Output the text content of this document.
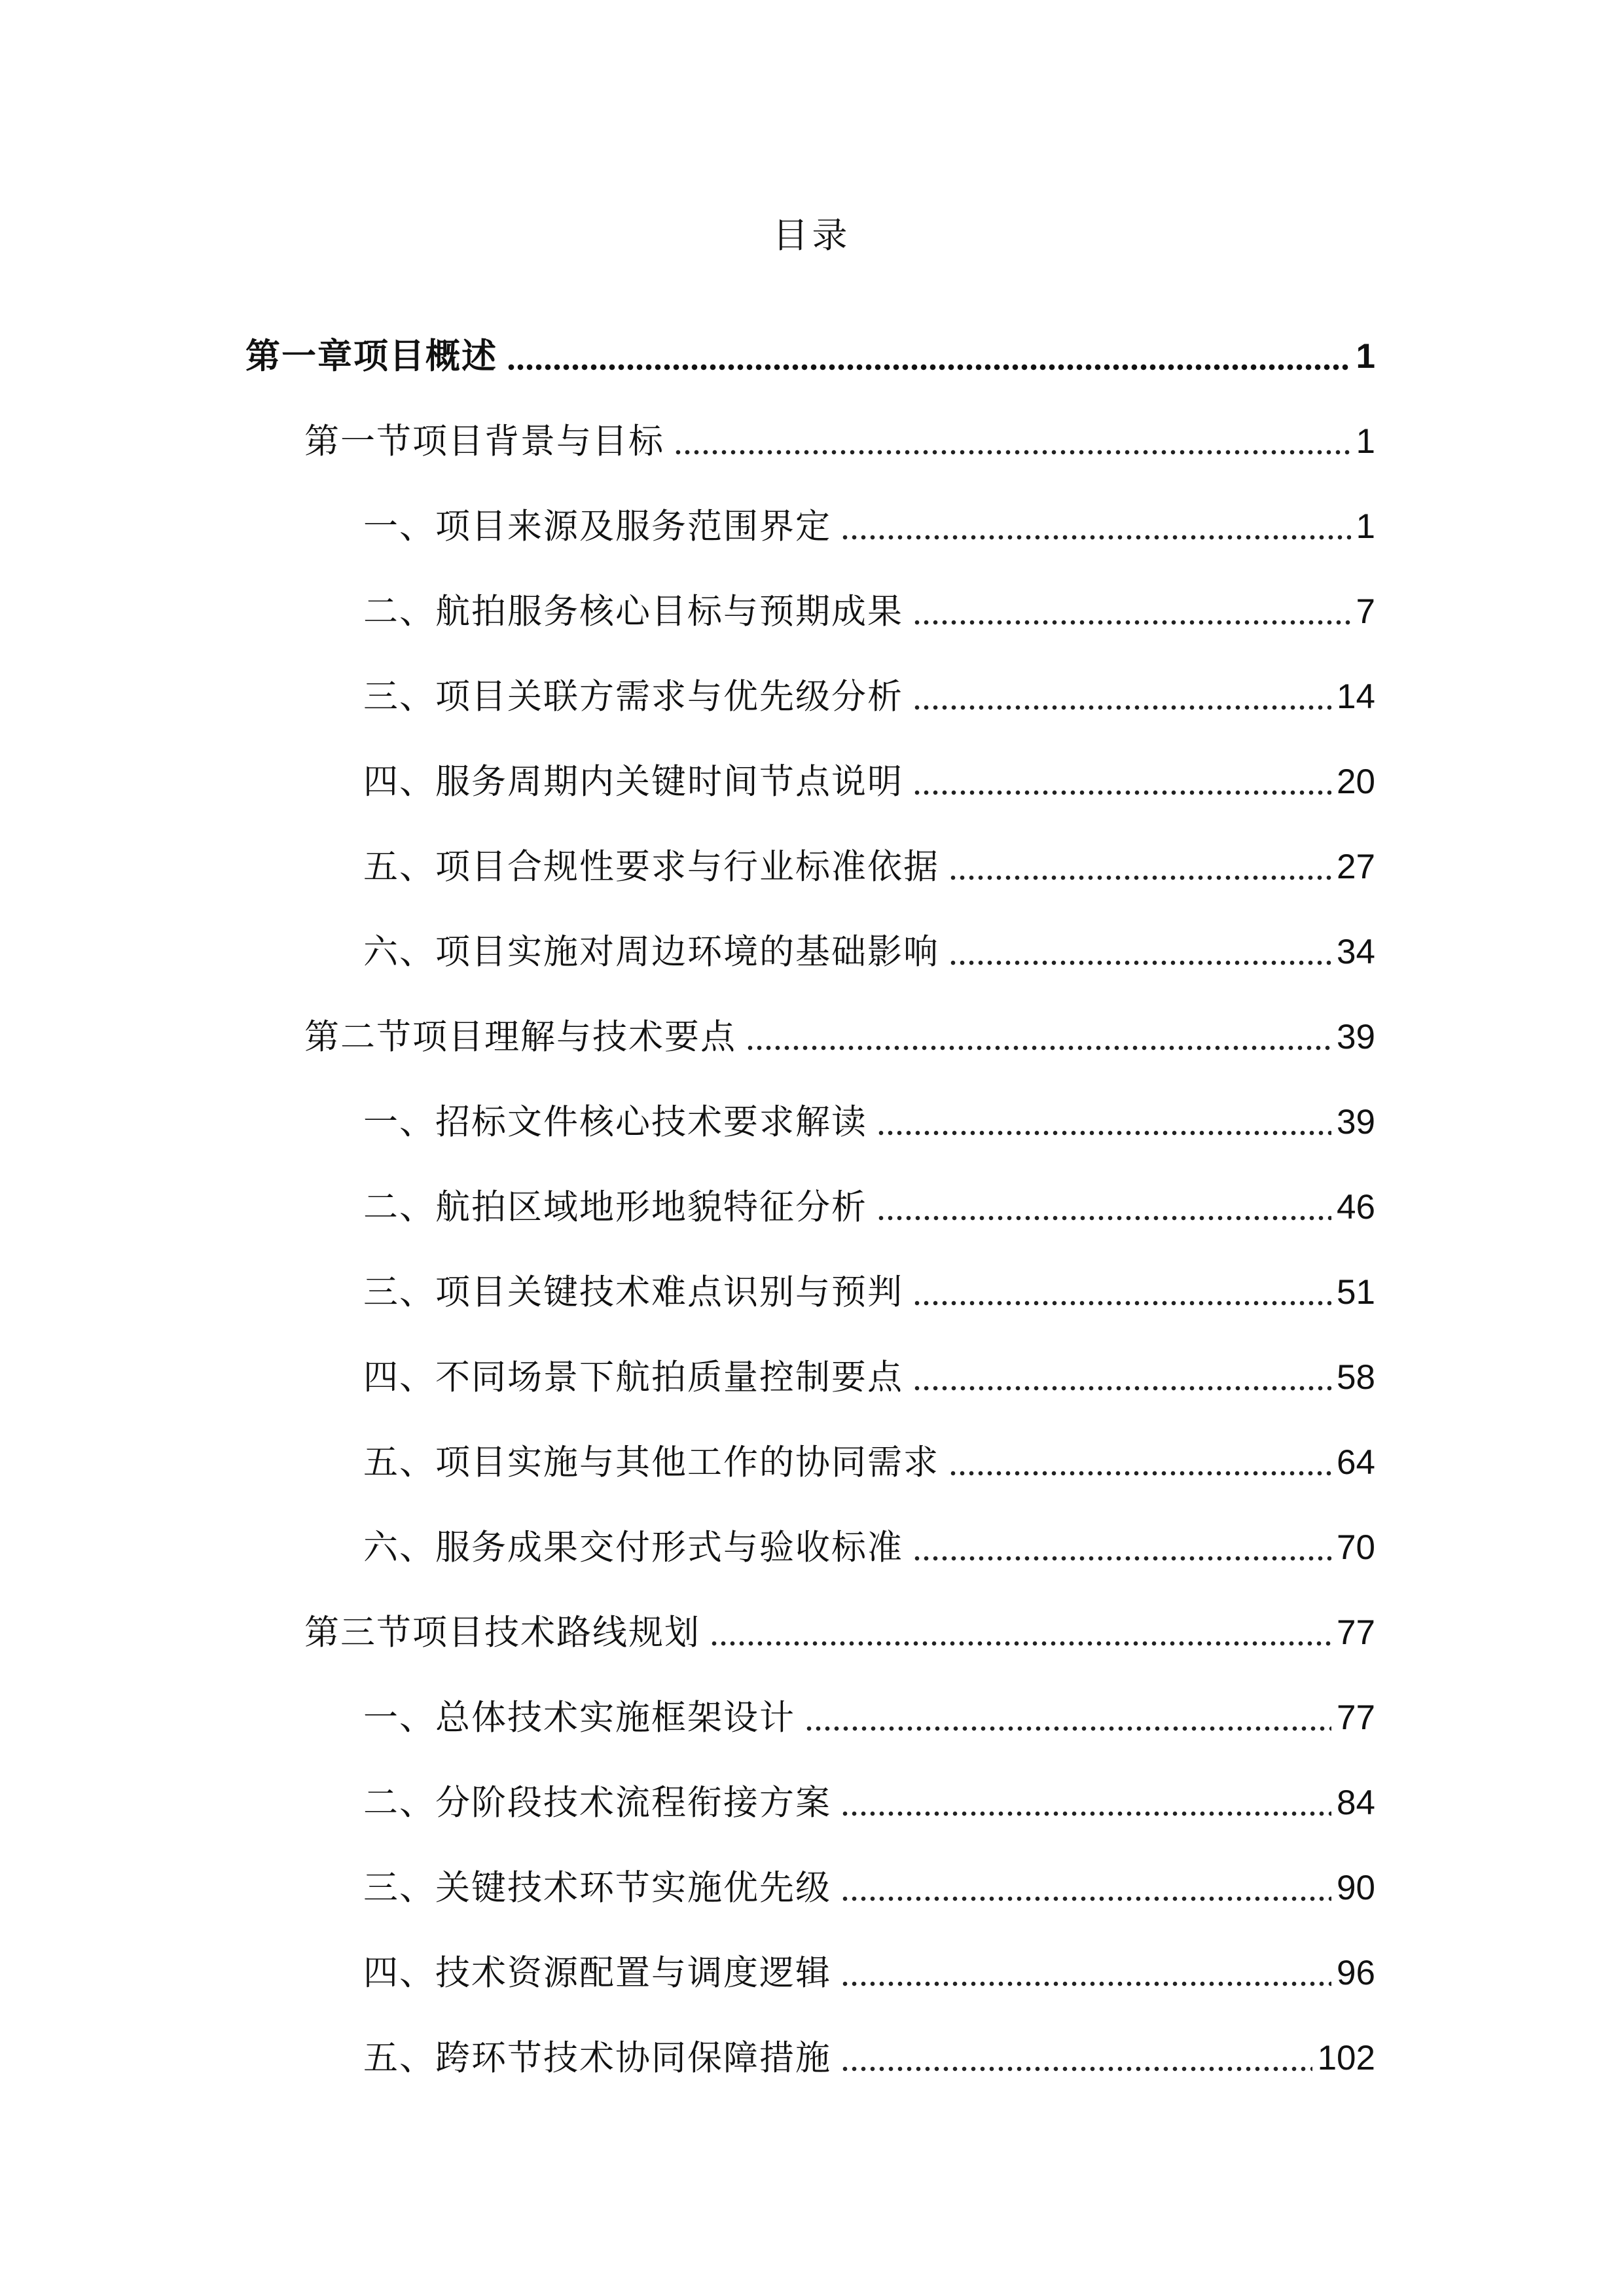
目录
第一章项目概述	1
第一节项目背景与目标	1
一、项目来源及服务范围界定	1
二、航拍服务核心目标与预期成果	7
三、项目关联方需求与优先级分析	14
四、服务周期内关键时间节点说明	20
五、项目合规性要求与行业标准依据	27
六、项目实施对周边环境的基础影响	34
第二节项目理解与技术要点	39
一、招标文件核心技术要求解读	39
二、航拍区域地形地貌特征分析	46
三、项目关键技术难点识别与预判	51
四、不同场景下航拍质量控制要点	58
五、项目实施与其他工作的协同需求	64
六、服务成果交付形式与验收标准	70
第三节项目技术路线规划	77
一、总体技术实施框架设计	77
二、分阶段技术流程衔接方案	84
三、关键技术环节实施优先级	90
四、技术资源配置与调度逻辑	96
五、跨环节技术协同保障措施	102
